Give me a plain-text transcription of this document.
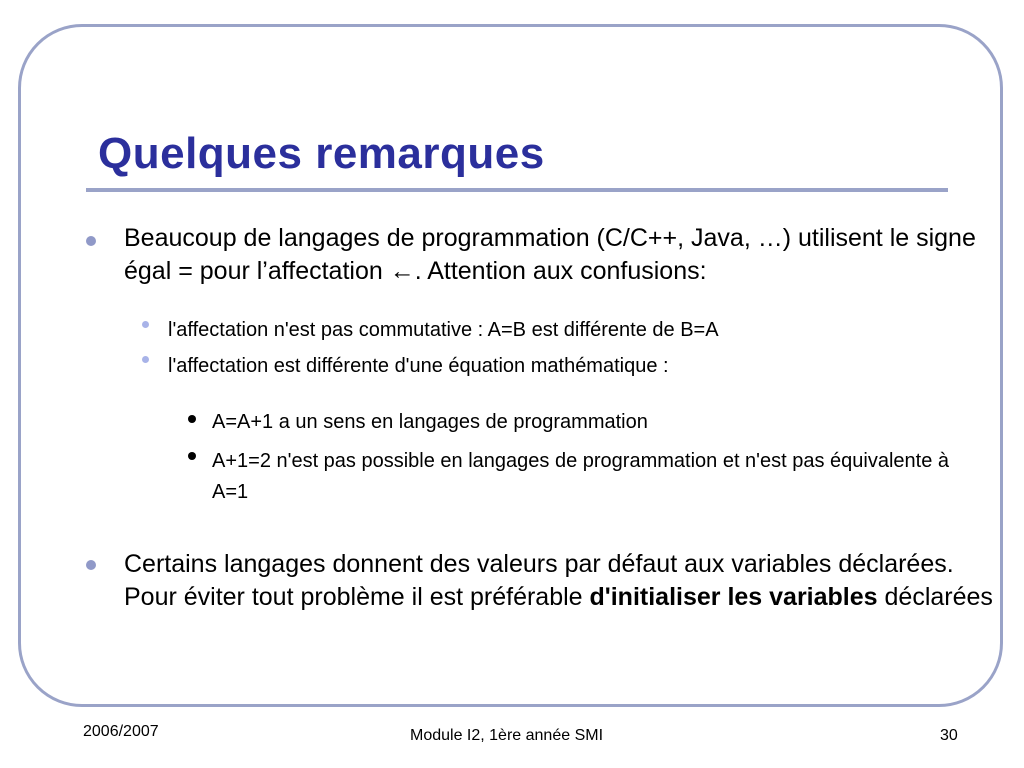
Quelques remarques
Beaucoup de langages de programmation (C/C++, Java, …) utilisent le signe égal = pour l’affectation ←. Attention aux confusions:
l'affectation n'est pas commutative : A=B est différente de B=A
l'affectation est différente d'une équation mathématique :
A=A+1 a un sens en langages de programmation
A+1=2 n'est pas possible en langages de programmation et n'est pas équivalente à A=1
Certains langages donnent des valeurs par défaut aux variables déclarées. Pour éviter tout problème il est préférable d'initialiser les variables déclarées
2006/2007	Module I2, 1ère année SMI	30
